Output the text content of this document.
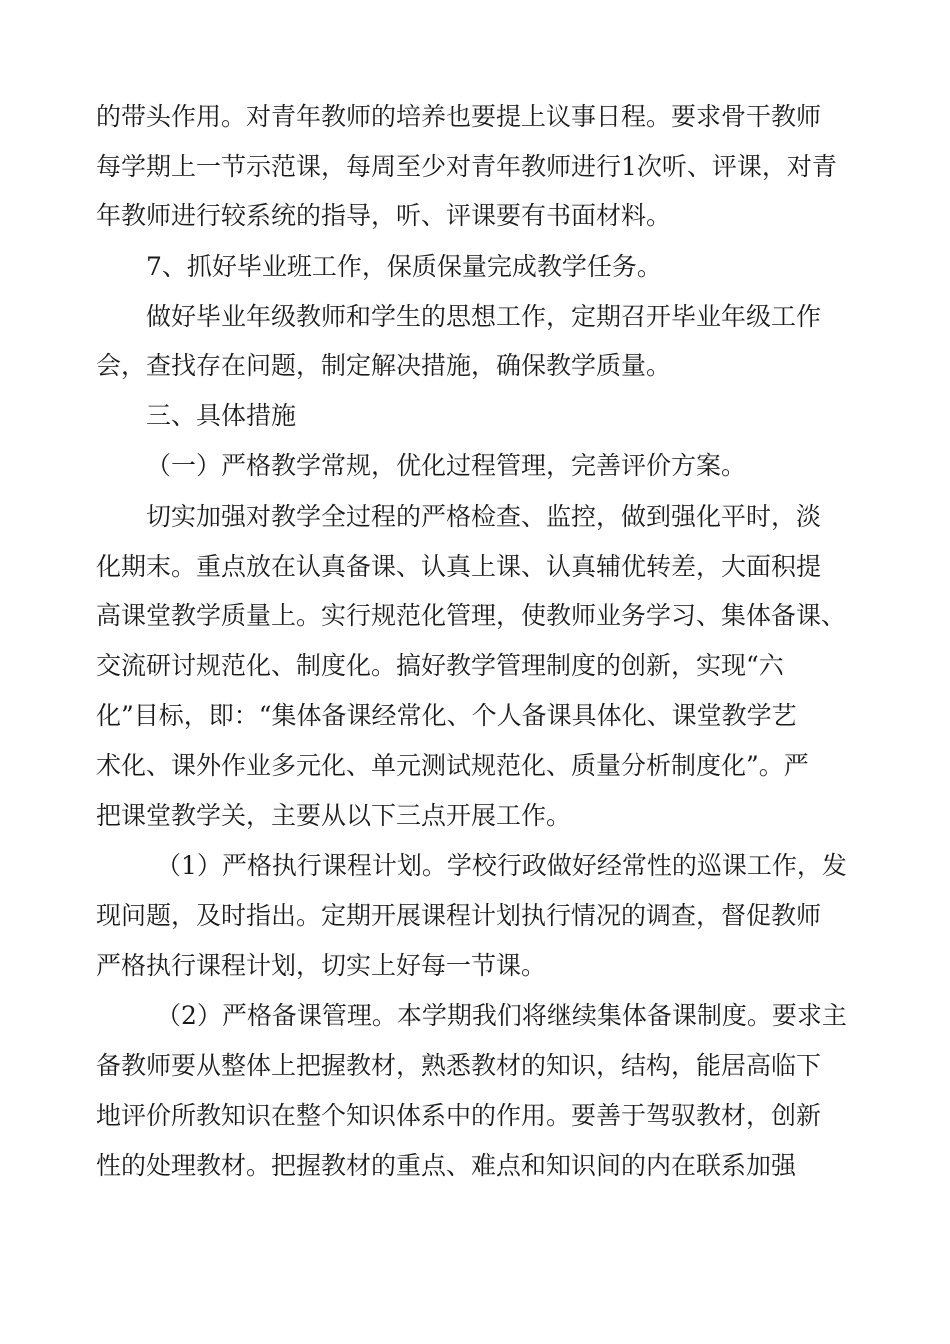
的带头作用。对青年教师的培养也要提上议事日程。要求骨干教师
每学期上一节示范课，每周至少对青年教师进行1次听、评课，对青
年教师进行较系统的指导，听、评课要有书面材料。
7、抓好毕业班工作，保质保量完成教学任务。
做好毕业年级教师和学生的思想工作，定期召开毕业年级工作
会，查找存在问题，制定解决措施，确保教学质量。
三、具体措施
（一）严格教学常规，优化过程管理，完善评价方案。
切实加强对教学全过程的严格检查、监控，做到强化平时，淡
化期末。重点放在认真备课、认真上课、认真辅优转差，大面积提
高课堂教学质量上。实行规范化管理，使教师业务学习、集体备课、
交流研讨规范化、制度化。搞好教学管理制度的创新，实现“六
化”目标，即：“集体备课经常化、个人备课具体化、课堂教学艺
术化、课外作业多元化、单元测试规范化、质量分析制度化”。严
把课堂教学关，主要从以下三点开展工作。
（1）严格执行课程计划。学校行政做好经常性的巡课工作，发
现问题，及时指出。定期开展课程计划执行情况的调查，督促教师
严格执行课程计划，切实上好每一节课。
（2）严格备课管理。本学期我们将继续集体备课制度。要求主
备教师要从整体上把握教材，熟悉教材的知识，结构，能居高临下
地评价所教知识在整个知识体系中的作用。要善于驾驭教材，创新
性的处理教材。把握教材的重点、难点和知识间的内在联系加强
